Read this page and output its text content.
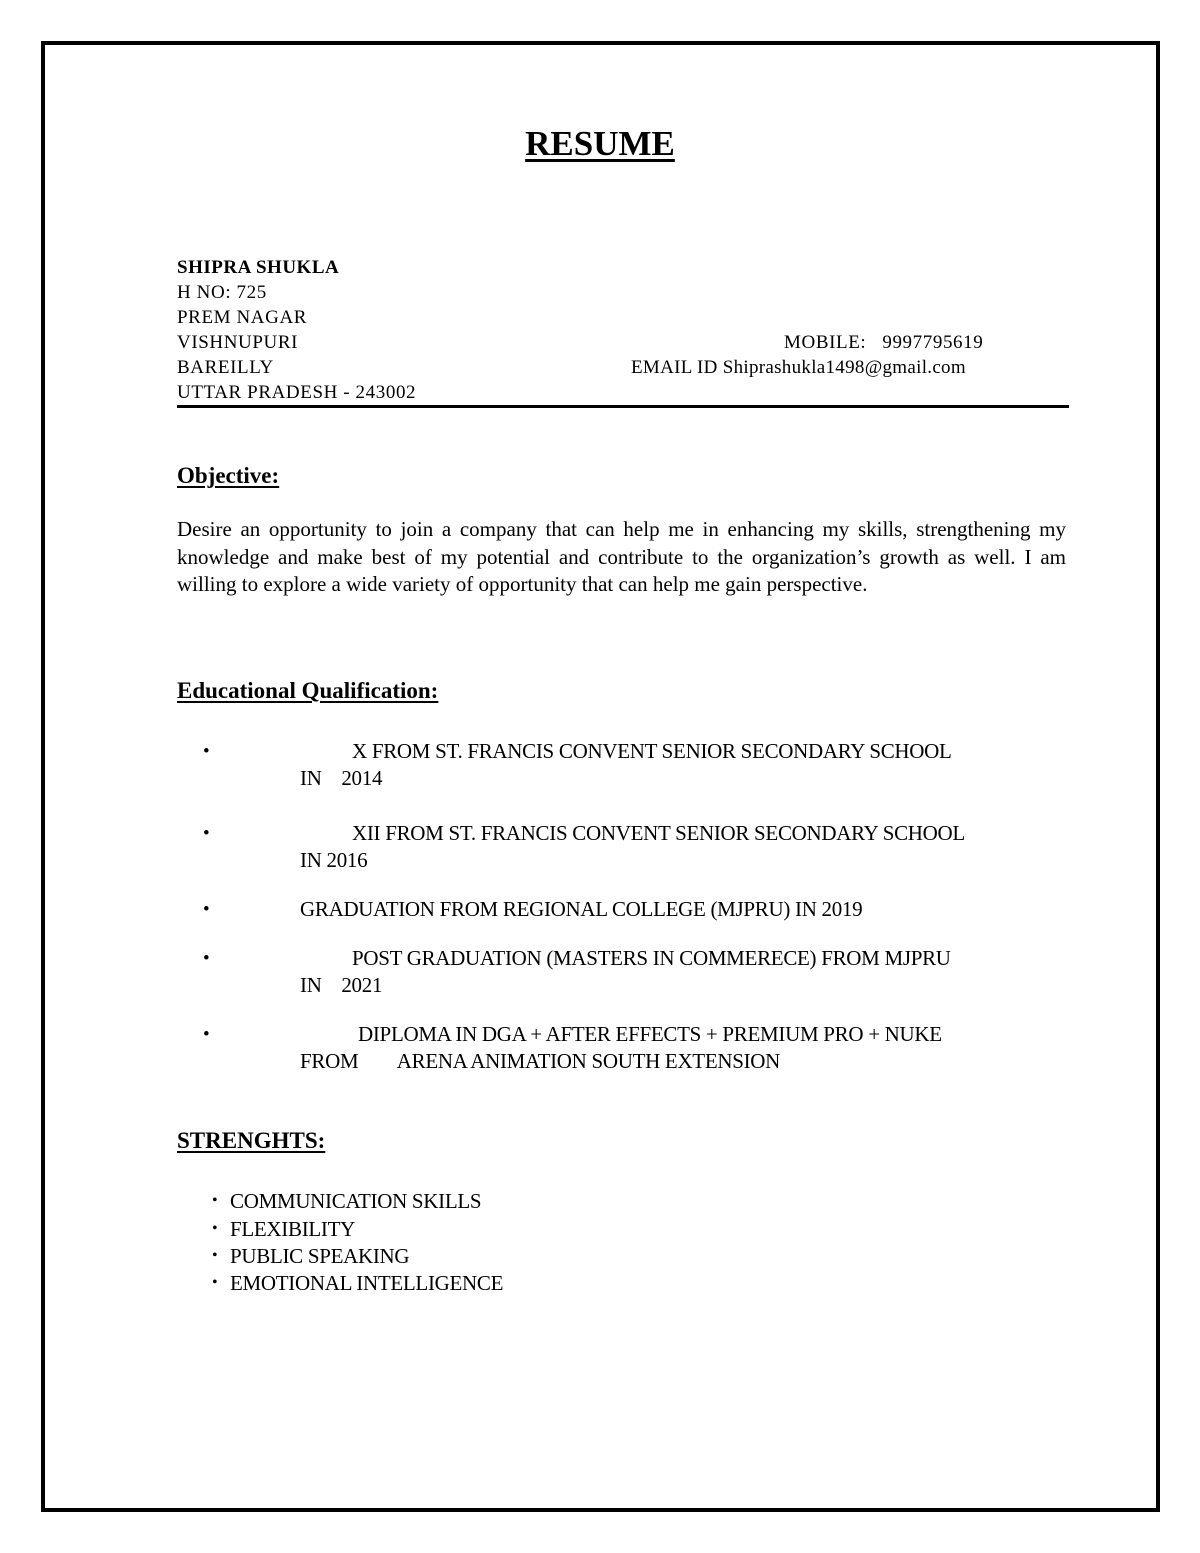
RESUME
SHIPRA SHUKLA
H NO: 725
PREM NAGAR
VISHNUPURI
BAREILLY
UTTAR PRADESH - 243002
MOBILE:   9997795619
EMAIL ID Shiprashukla1498@gmail.com
Objective:
Desire an opportunity to join a company that can help me in enhancing my skills, strengthening my knowledge and make best of my potential and contribute to the organization’s growth as well. I am willing to explore a wide variety of opportunity that can help me gain perspective.
Educational Qualification:
•	X FROM ST. FRANCIS CONVENT SENIOR SECONDARY SCHOOL
IN    2014
•	XII FROM ST. FRANCIS CONVENT SENIOR SECONDARY SCHOOL
IN 2016
•	GRADUATION FROM REGIONAL COLLEGE (MJPRU) IN 2019
•	POST GRADUATION (MASTERS IN COMMERECE) FROM MJPRU
IN    2021
•	DIPLOMA IN DGA + AFTER EFFECTS + PREMIUM PRO + NUKE
FROM        ARENA ANIMATION SOUTH EXTENSION
STRENGHTS:
• COMMUNICATION SKILLS
• FLEXIBILITY
• PUBLIC SPEAKING
• EMOTIONAL INTELLIGENCE
